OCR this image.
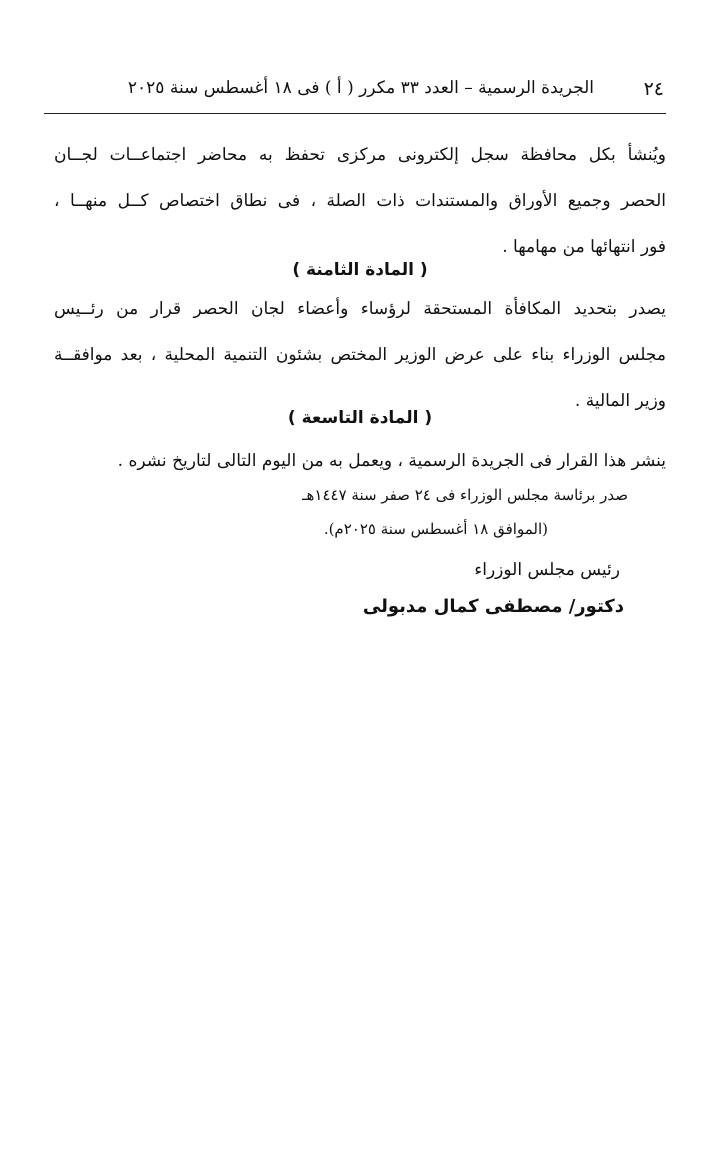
٢٤
الجريدة الرسمية – العدد ٣٣ مكرر ( أ ) فى ١٨ أغسطس سنة ٢٠٢٥
ويُنشأ بكل محافظة سجل إلكترونى مركزى تحفظ به محاضر اجتماعــات لجــان
الحصر وجميع الأوراق والمستندات ذات الصلة ، فى نطاق اختصاص كــل منهــا ،
فور انتهائها من مهامها .
( المادة الثامنة )
يصدر بتحديد المكافأة المستحقة لرؤساء وأعضاء لجان الحصر قرار من رئــيس
مجلس الوزراء بناء على عرض الوزير المختص بشئون التنمية المحلية ، بعد موافقــة
وزير المالية .
( المادة التاسعة )
ينشر هذا القرار فى الجريدة الرسمية ، ويعمل به من اليوم التالى لتاريخ نشره .
صدر برئاسة مجلس الوزراء فى ٢٤ صفر سنة ١٤٤٧هـ
(الموافق ١٨ أغسطس سنة ٢٠٢٥م).
رئيس مجلس الوزراء
دكتور/ مصطفى كمال مدبولى
